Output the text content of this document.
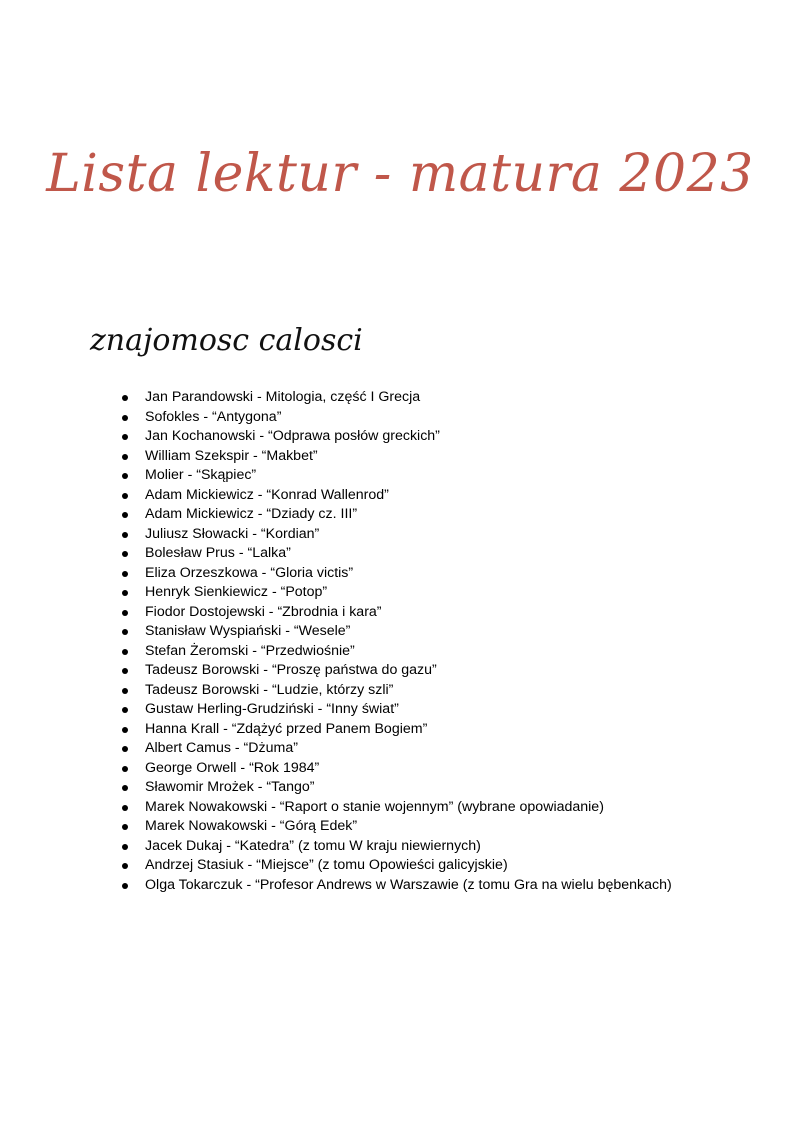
Lista lektur - matura 2023
znajomosc calosci
Jan Parandowski - Mitologia, część I Grecja
Sofokles - “Antygona”
Jan Kochanowski - “Odprawa posłów greckich”
William Szekspir - “Makbet”
Molier - “Skąpiec”
Adam Mickiewicz - “Konrad Wallenrod”
Adam Mickiewicz - “Dziady cz. III”
Juliusz Słowacki - “Kordian”
Bolesław Prus - “Lalka”
Eliza Orzeszkowa - “Gloria victis”
Henryk Sienkiewicz - “Potop”
Fiodor Dostojewski - “Zbrodnia i kara”
Stanisław Wyspiański - “Wesele”
Stefan Żeromski - “Przedwiośnie”
Tadeusz Borowski - “Proszę państwa do gazu”
Tadeusz Borowski - “Ludzie, którzy szli”
Gustaw Herling-Grudziński - “Inny świat”
Hanna Krall - “Zdążyć przed Panem Bogiem”
Albert Camus - “Dżuma”
George Orwell - “Rok 1984”
Sławomir Mrożek - “Tango”
Marek Nowakowski - “Raport o stanie wojennym” (wybrane opowiadanie)
Marek Nowakowski - “Górą Edek”
Jacek Dukaj - “Katedra” (z tomu W kraju niewiernych)
Andrzej Stasiuk - “Miejsce” (z tomu Opowieści galicyjskie)
Olga Tokarczuk - “Profesor Andrews w Warszawie (z tomu Gra na wielu bębenkach)
